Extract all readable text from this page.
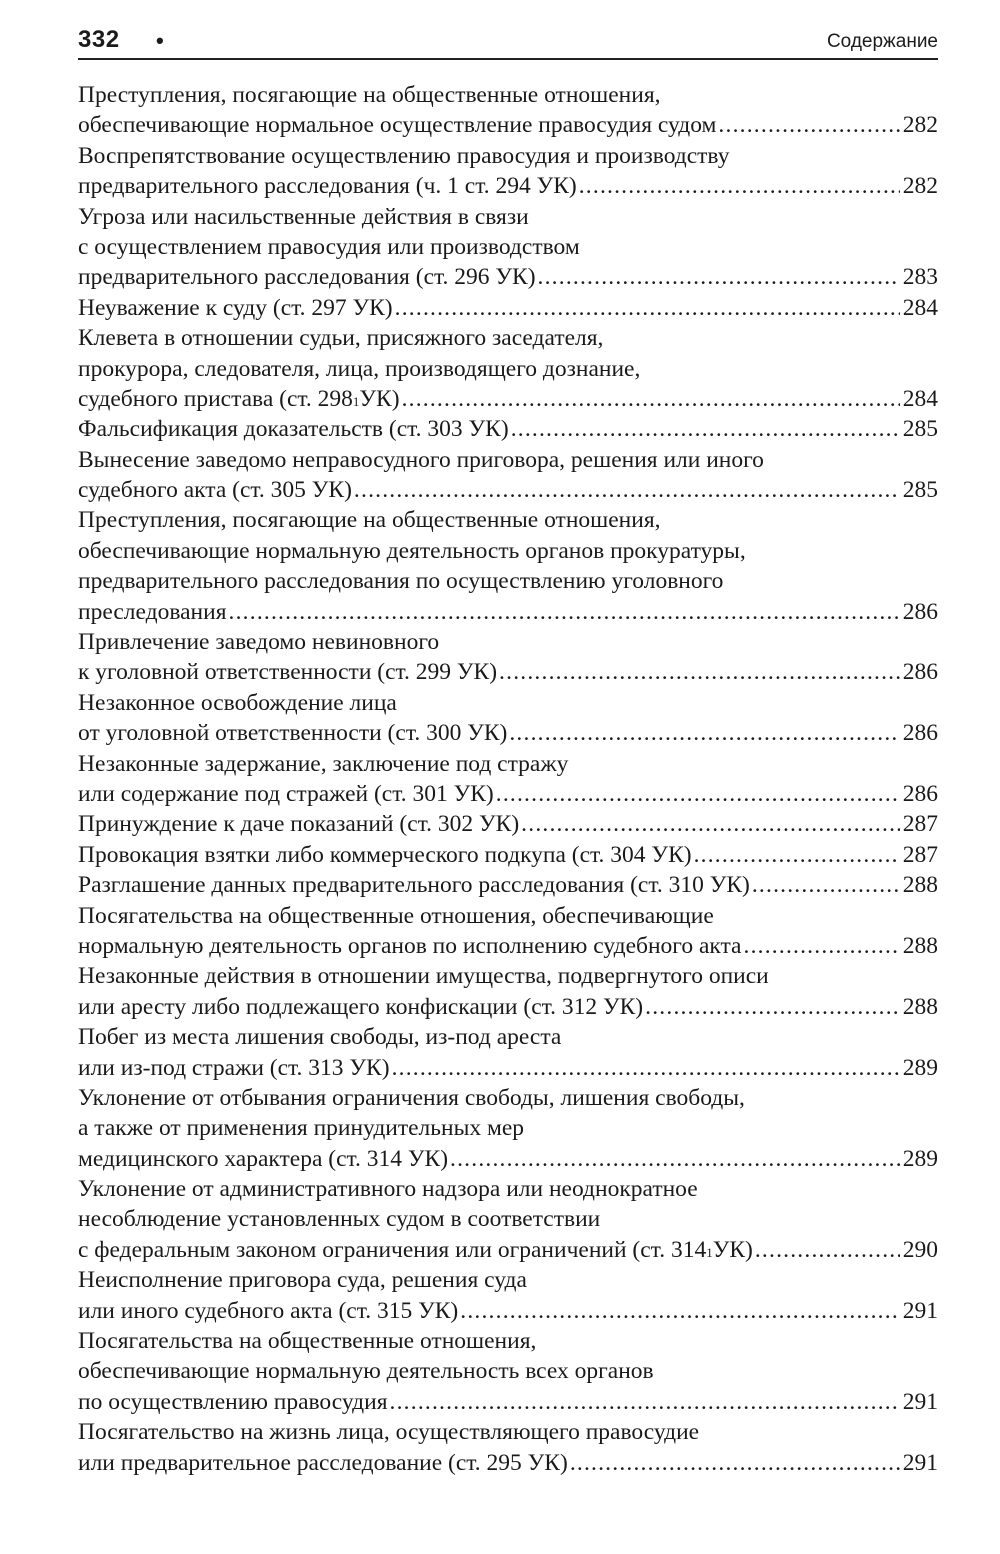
332 •	Содержание
Преступления, посягающие на общественные отношения,
обеспечивающие нормальное осуществление правосудия судом .....	282
Воспрепятствование осуществлению правосудия и производству
предварительного расследования (ч. 1 ст. 294 УК) .....	282
Угроза или насильственные действия в связи
с осуществлением правосудия или производством
предварительного расследования (ст. 296 УК) .....	283
Неуважение к суду (ст. 297 УК) .....	284
Клевета в отношении судьи, присяжного заседателя,
прокурора, следователя, лица, производящего дознание,
судебного пристава (ст. 298 1 УК) .....	284
Фальсификация доказательств (ст. 303 УК) .....	285
Вынесение заведомо неправосудного приговора, решения или иного
судебного акта (ст. 305 УК) .....	285
Преступления, посягающие на общественные отношения,
обеспечивающие нормальную деятельность органов прокуратуры,
предварительного расследования по осуществлению уголовного
преследования .....	286
Привлечение заведомо невиновного
к уголовной ответственности (ст. 299 УК) .....	286
Незаконное освобождение лица
от уголовной ответственности (ст. 300 УК) .....	286
Незаконные задержание, заключение под стражу
или содержание под стражей (ст. 301 УК) .....	286
Принуждение к даче показаний (ст. 302 УК) .....	287
Провокация взятки либо коммерческого подкупа (ст. 304 УК) .....	287
Разглашение данных предварительного расследования (ст. 310 УК) .....	288
Посягательства на общественные отношения, обеспечивающие
нормальную деятельность органов по исполнению судебного акта .....	288
Незаконные действия в отношении имущества, подвергнутого описи
или аресту либо подлежащего конфискации (ст. 312 УК) .....	288
Побег из места лишения свободы, из-под ареста
или из-под стражи (ст. 313 УК) .....	289
Уклонение от отбывания ограничения свободы, лишения свободы,
а также от применения принудительных мер
медицинского характера (ст. 314 УК) .....	289
Уклонение от административного надзора или неоднократное
несоблюдение установленных судом в соответствии
с федеральным законом ограничения или ограничений (ст. 314 1 УК) .....	290
Неисполнение приговора суда, решения суда
или иного судебного акта (ст. 315 УК) .....	291
Посягательства на общественные отношения,
обеспечивающие нормальную деятельность всех органов
по осуществлению правосудия .....	291
Посягательство на жизнь лица, осуществляющего правосудие
или предварительное расследование (ст. 295 УК) .....	291
